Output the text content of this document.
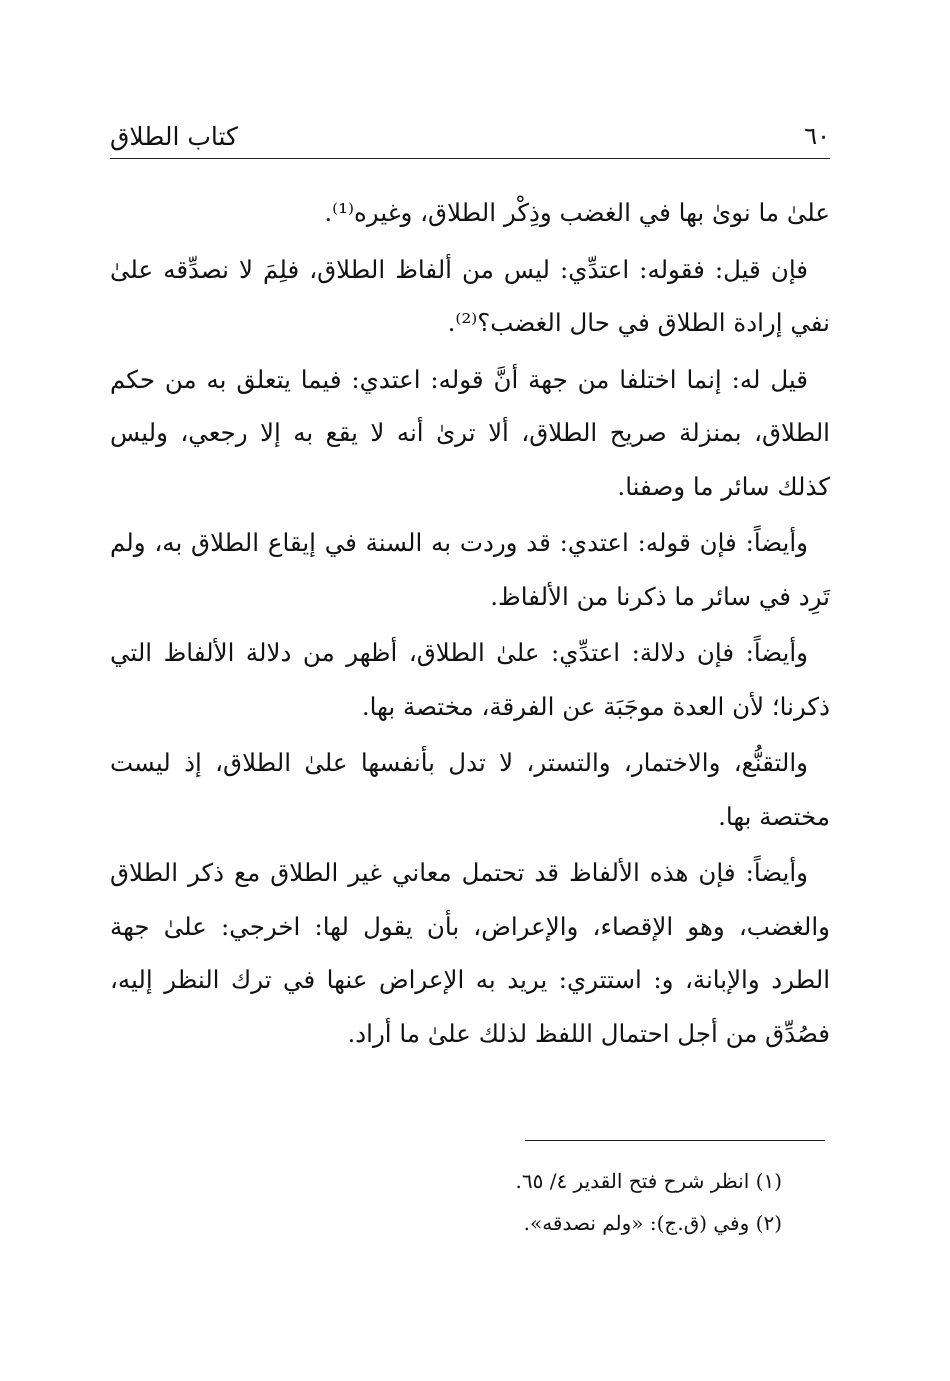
٦٠
كتاب الطلاق

علىٰ ما نوىٰ بها في الغضب وذِكْر الطلاق، وغيره⁽¹⁾.

فإن قيل: فقوله: اعتدِّي: ليس من ألفاظ الطلاق، فلِمَ لا نصدِّقه علىٰ نفي إرادة الطلاق في حال الغضب؟⁽²⁾.

قيل له: إنما اختلفا من جهة أنَّ قوله: اعتدي: فيما يتعلق به من حكم الطلاق، بمنزلة صريح الطلاق، ألا ترىٰ أنه لا يقع به إلا رجعي، وليس كذلك سائر ما وصفنا.

وأيضاً: فإن قوله: اعتدي: قد وردت به السنة في إيقاع الطلاق به، ولم تَرِد في سائر ما ذكرنا من الألفاظ.

وأيضاً: فإن دلالة: اعتدِّي: علىٰ الطلاق، أظهر من دلالة الألفاظ التي ذكرنا؛ لأن العدة موجَبَة عن الفرقة، مختصة بها.

والتقنُّع، والاختمار، والتستر، لا تدل بأنفسها علىٰ الطلاق، إذ ليست مختصة بها.

وأيضاً: فإن هذه الألفاظ قد تحتمل معاني غير الطلاق مع ذكر الطلاق والغضب، وهو الإقصاء، والإعراض، بأن يقول لها: اخرجي: علىٰ جهة الطرد والإبانة، و: استتري: يريد به الإعراض عنها في ترك النظر إليه، فصُدِّق من أجل احتمال اللفظ لذلك علىٰ ما أراد.

(١) انظر شرح فتح القدير ٤/ ٦٥.
(٢) وفي (ق.ج): «ولم نصدقه».
